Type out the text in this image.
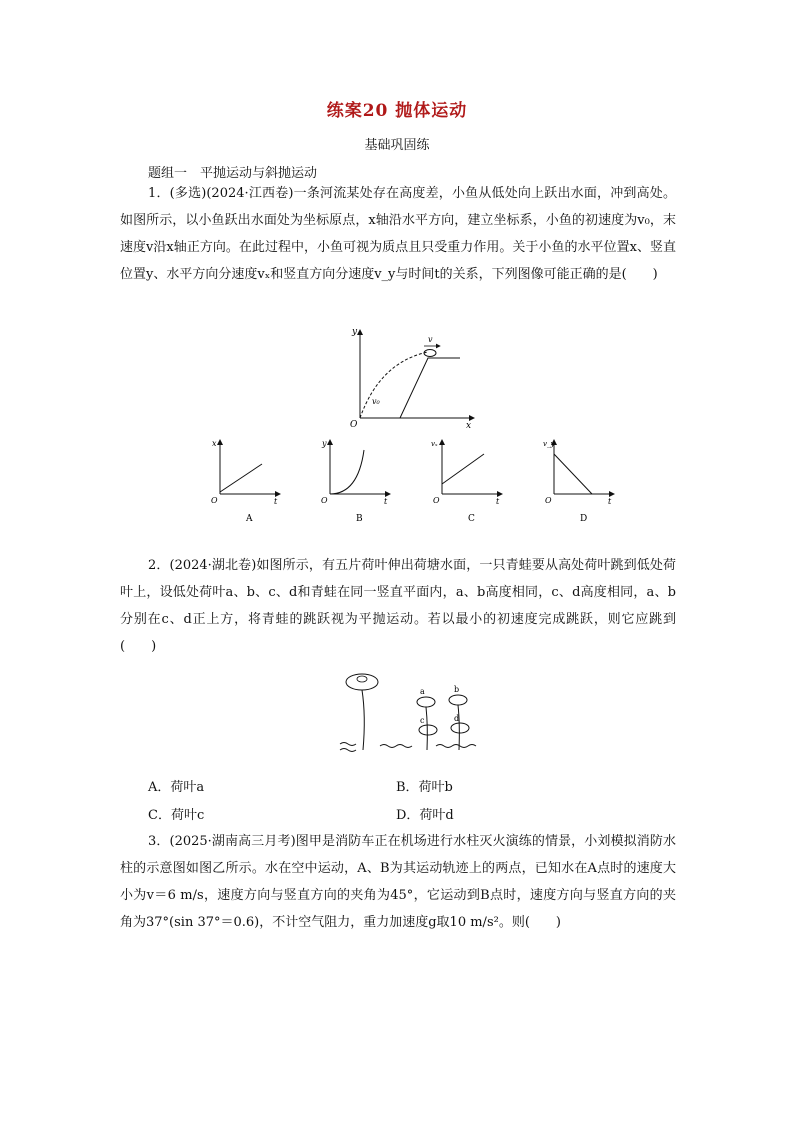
练案20 抛体运动
基础巩固练
题组一　平抛运动与斜抛运动

1．(多选)(2024·江西卷)一条河流某处存在高度差，小鱼从低处向上跃出水面，冲到高处。如图所示，以小鱼跃出水面处为坐标原点，x轴沿水平方向，建立坐标系，小鱼的初速度为v₀，末速度v沿x轴正方向。在此过程中，小鱼可视为质点且只受重力作用。关于小鱼的水平位置x、竖直位置y、水平方向分速度vₓ和竖直方向分速度v_y与时间t的关系，下列图像可能正确的是(　　)

y
x
O
v
v₀
x
t
O
A
y
t
O
B
vₓ
t
O
C
v_y
t
O
D

2．(2024·湖北卷)如图所示，有五片荷叶伸出荷塘水面，一只青蛙要从高处荷叶跳到低处荷叶上，设低处荷叶a、b、c、d和青蛙在同一竖直平面内，a、b高度相同，c、d高度相同，a、b分别在c、d正上方，将青蛙的跳跃视为平抛运动。若以最小的初速度完成跳跃，则它应跳到(　　)

a	b
c	d
A．荷叶a	B．荷叶b
C．荷叶c	D．荷叶d

3．(2025·湖南高三月考)图甲是消防车正在机场进行水柱灭火演练的情景，小刘模拟消防水柱的示意图如图乙所示。水在空中运动，A、B为其运动轨迹上的两点，已知水在A点时的速度大小为v＝6 m/s，速度方向与竖直方向的夹角为45°，它运动到B点时，速度方向与竖直方向的夹角为37°(sin 37°＝0.6)，不计空气阻力，重力加速度g取10 m/s²。则(　　)
